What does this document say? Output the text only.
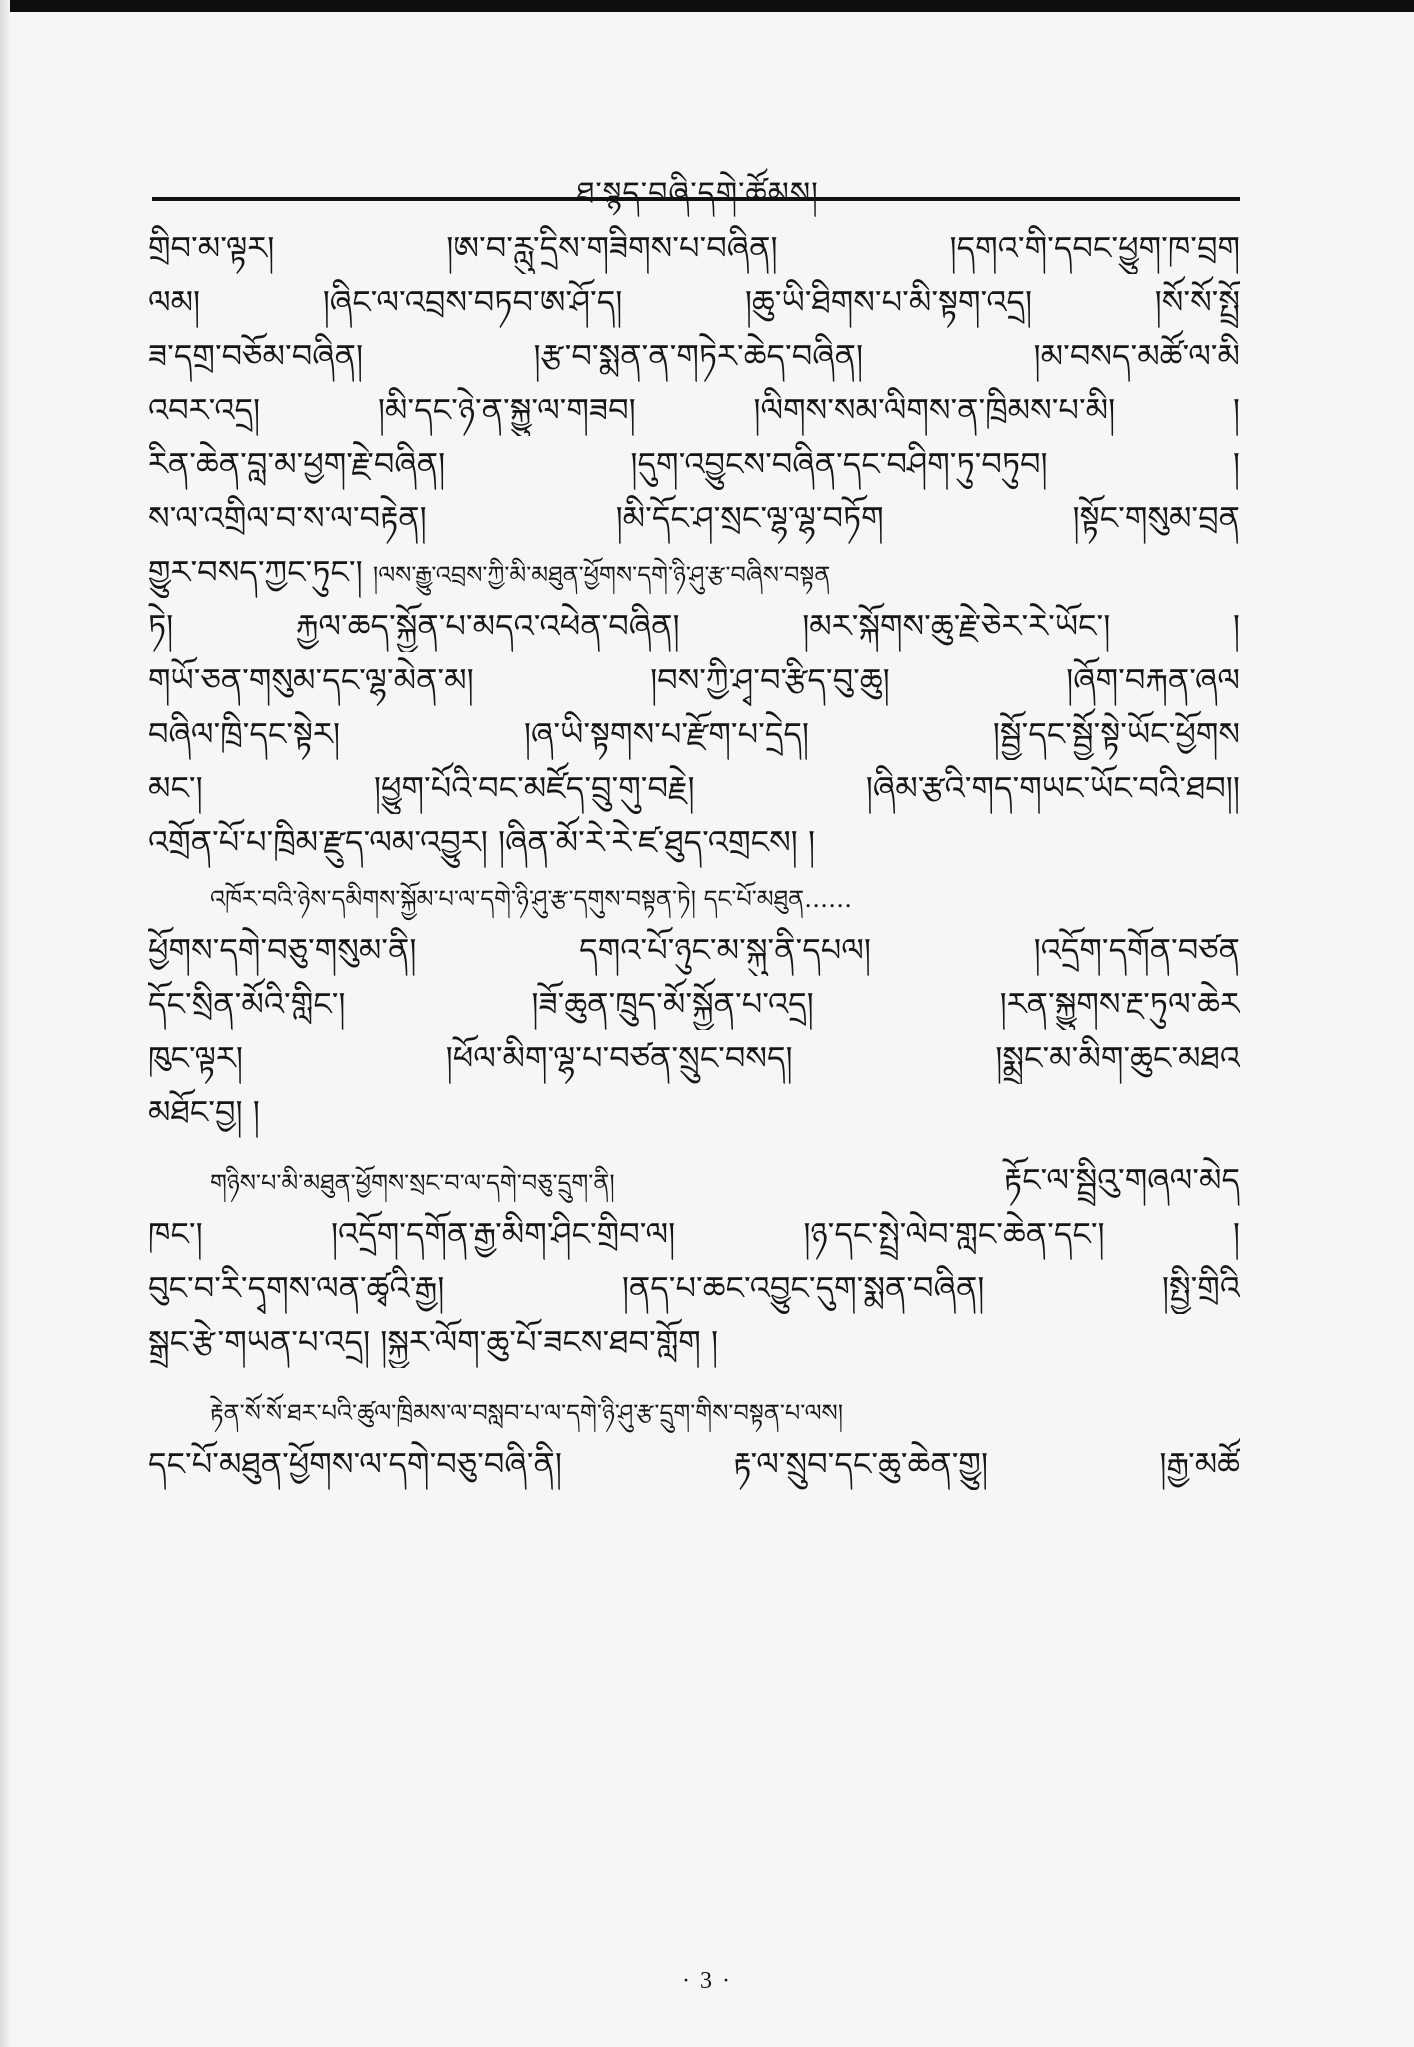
ཐ་སྙད་བཞི་དགེ་ཚོམས།
གྲིབ་མ་ལྟར། །ཨ་བ་རླུ་དྲིས་གཟིགས་པ་བཞིན། །དགའ་གི་དབང་ཕྱུག་ཁ་བྲག
ལམ། །ཞིང་ལ་འབྲས་བཏབ་ཨ་ཤོ་ད། །ཆུ་ཡི་ཐིགས་པ་མི་སྟག་འདྲ། །སོ་སོ་སྤྲོ
ཟ་དགྲ་བཅོམ་བཞིན། །རྩ་བ་སྨན་ན་གཏེར་ཆེད་བཞིན། །མ་བསད་མཚོ་ལ་མི
འབར་འདྲ། །མི་དང་ཉེ་ན་སྐྱུ་ལ་གཟབ། །ལིགས་སམ་ལིགས་ན་ཁྲིམས་པ་མི། །
རིན་ཆེན་བླ་མ་ཕྱག་རྗེ་བཞིན། །དུག་འབྱུངས་བཞིན་དང་བཤིག་ཏུ་བཏུབ། །
ས་ལ་འགྲིལ་བ་ས་ལ་བརྟེན། །མི་དོང་ཤ་སྲང་ལྷ་ལྷ་བཏོག །སྟོང་གསུམ་བྲན
གྱུར་བསད་ཀྱང་ཏུང་། །ལས་རྒྱུ་འབྲས་ཀྱི་མི་མཐུན་ཕྱོགས་དགེ་ཉི་ཤུ་རྩ་བཞིས་བསྟན
ཏེ། རྐྱལ་ཆད་སྐྱོན་པ་མདའ་འཕེན་བཞིན། །མར་སྐོགས་ཆུ་རྗེ་ཅེར་རེ་ཡོང་། །
གཡོ་ཅན་གསུམ་དང་ལྷ་མེན་མ། །བས་ཀྱི་ཤྭ་བ་རྩིད་བུ་ཆུ། །ཞོག་བརྐན་ཞལ
བཞིལ་ཁྲི་དང་སྟེར། །ཞ་ཡི་སྟགས་པ་རྫོག་པ་དྲེད། །སྦྱོ་དང་སྦྱོ་སྟེ་ཡོང་ཕྱོགས
མང་། །ཕྱུག་པོའི་བང་མཛོད་བྲུ་གུ་བརྗེ། །ཞིམ་རྩའི་གད་གཡང་ཡོང་བའི་ཐབ།།
འགྲོན་པོ་པ་ཁྲིམ་རྫུད་ལམ་འབྱུར། །ཞིན་མོ་རེ་རེ་ཛ་ཐུད་འགྲངས། །
འཁོར་བའི་ཉེས་དམིགས་སྐྱོམ་པ་ལ་དགེ་ཉི་ཤུ་རྩ་དགུས་བསྟན་ཏེ། དང་པོ་མཐུན……
ཕྱོགས་དགེ་བཅུ་གསུམ་ནི། དགའ་པོ་ཉུང་མ་སྐུ་ནི་དཔལ། །འདྲོག་དགོན་བཙན
དོང་སྲིན་མོའི་གླིང་། །ཟོ་ཆུན་ཁྲུད་མོ་སྐྱོན་པ་འདྲ། །རན་སྐྱུགས་རྔ་ཏུལ་ཆེར
ཁུང་ལྟར། །ཕོལ་མིག་ལྷ་པ་བཙན་སྲུང་བསད། །སྨྲང་མ་མིག་ཆུང་མཐའ
མཐོང་བྱ། །
གཉིས་པ་མི་མཐུན་ཕྱོགས་སྲང་བ་ལ་དགེ་བཅུ་དྲུག་ནི།	རྟོང་ལ་སྦྲིའུ་གཞལ་མེད
ཁང་། །འདྲོག་དགོན་རྒྱ་མིག་ཤིང་གྲིབ་ལ། །ཉ་དང་སྤྲེ་ལེབ་གླང་ཆེན་དང་། །
བུང་བ་རི་དྭགས་ལན་ཚྭའི་རྒྱ། །ནད་པ་ཆང་འབྱུང་དུག་སྨན་བཞིན། །སྤྱི་གྲིའི
སྒྲང་རྩེ་གཡན་པ་འདྲ། །སྐྱར་ལོག་ཆུ་པོ་ཟངས་ཐབ་གློག །
རྟེན་སོ་སོ་ཐར་པའི་ཚུལ་ཁྲིམས་ལ་བསླབ་པ་ལ་དགེ་ཉི་ཤུ་རྩ་དྲུག་གིས་བསྟན་པ་ལས།
དང་པོ་མཐུན་ཕྱོགས་ལ་དགེ་བཅུ་བཞི་ནི། རྟ་ལ་སྲུབ་དང་ཆུ་ཆེན་གྱུ། །རྒྱ་མཚོ
· 3 ·
